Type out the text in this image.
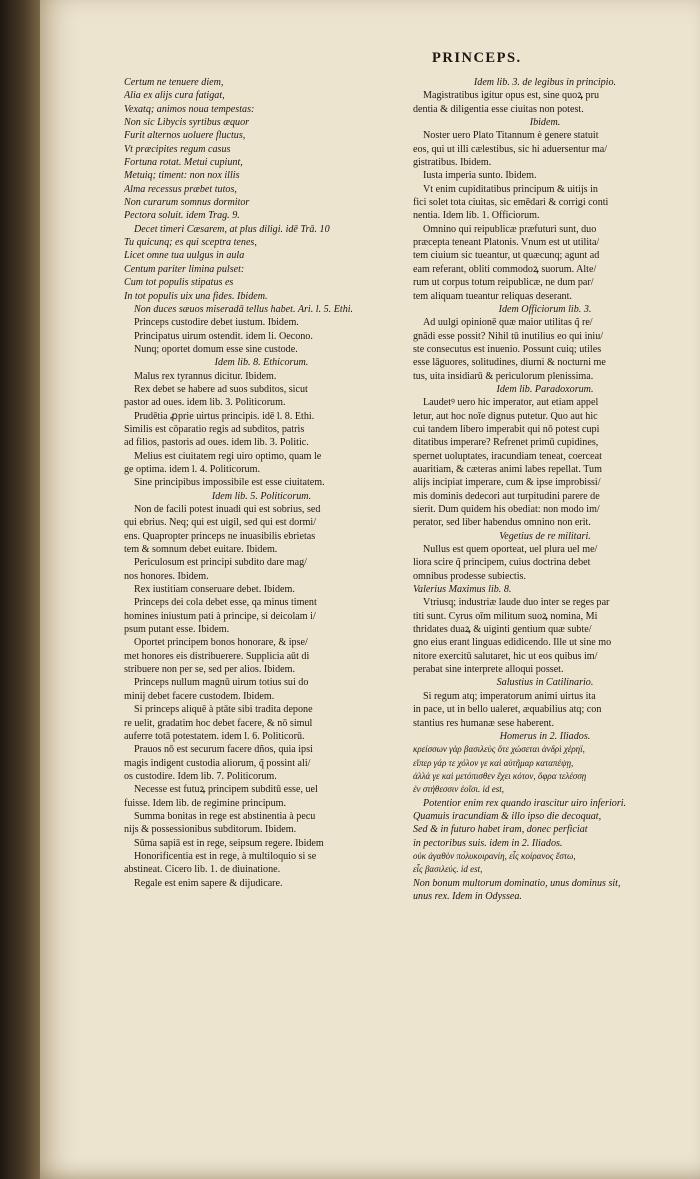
PRINCEPS.
Certum ne tenuere diem,
Alia ex alijs cura fatigat,
Vexatq; animos noua tempestas:
Non sic Libycis syrtibus æquor
Furit alternos uoluere fluctus,
Vt præcipites regum casus
Fortuna rotat. Metui cupiunt,
Metuiq; timent: non nox illis
Alma recessus præbet tutos,
Non curarum somnus dormitor
Pectora soluit. idem Trag. 9.
Decet timeri Cæsarem, at plus diligi. idē Trā. 10
Tu quicunq; es qui sceptra tenes,
Licet omne tua uulgus in aula
Centum pariter limina pulset:
Cum tot populis stipatus es
In tot populis uix una fides. Ibidem.
Non duces sæuos miseradā tellus habet. Ari. l. 5. Ethi.
Princeps custodire debet iustum. Ibidem.
Principatus uirum ostendit. idem li. Oecono.
Nunq; oportet domum esse sine custode.
Idem lib. 8. Ethicorum.
Malus rex tyrannus dicitur. Ibidem.
Rex debet se habere ad suos subditos, sicut
pastor ad oues. idem lib. 3. Politicorum.
Prudētia ꝓprie uirtus principis. idē l. 8. Ethi.
Similis est cōparatio regis ad subditos, patris
ad filios, pastoris ad oues. idem lib. 3. Politic.
Melius est ciuitatem regi uiro optimo, quam le
ge optima. idem l. 4. Politicorum.
Sine principibus impossibile est esse ciuitatem.
Idem lib. 5. Politicorum.
Non de facili potest inuadi qui est sobrius, sed
qui ebrius. Neq; qui est uigil, sed qui est dormi/
ens. Quapropter princeps ne inuasibilis ebrietas
tem & somnum debet euitare. Ibidem.
Periculosum est principi subdito dare mag/
nos honores. Ibidem.
Rex iustitiam conseruare debet. Ibidem.
Princeps dei cola debet esse, qa minus timent
homines iniustum pati à principe, si deicolam i/
psum putant esse. Ibidem.
Oportet principem bonos honorare, & ipse/
met honores eis distribuerere. Supplicia aūt di
stribuere non per se, sed per alios. Ibidem.
Princeps nullum magnū uirum totius sui do
minij debet facere custodem. Ibidem.
Si princeps aliquē à ptāte sibi tradita depone
re uelit, gradatim hoc debet facere, & nō simul
auferre totā potestatem. idem l. 6. Politicorū.
Prauos nō est securum facere dños, quia ipsi
magis indigent custodia aliorum, q̃ possint ali/
os custodire. Idem lib. 7. Politicorum.
Necesse est futuꝝ principem subditū esse, uel
fuisse. Idem lib. de regimine principum.
Summa bonitas in rege est abstinentia à pecu
nijs & possessionibus subditorum. Ibidem.
Sūma sapiā est in rege, seipsum regere. Ibidem
Honorificentia est in rege, à multiloquio si se
abstineat. Cicero lib. 1. de diuinatione.
Regale est enim sapere & dijudicare.
Idem lib. 3. de legibus in principio.
Magistratibus igitur opus est, sine quoꝝ pru
dentia & diligentia esse ciuitas non potest.
Ibidem.
Noster uero Plato Titannum è genere statuit
eos, qui ut illi cælestibus, sic hi aduersentur ma/
gistratibus. Ibidem.
Iusta imperia sunto. Ibidem.
Vt enim cupiditatibus principum & uitijs in
fici solet tota ciuitas, sic emēdari & corrigi conti
nentia. Idem lib. 1. Officiorum.
Omnino qui reipublicæ præfuturi sunt, duo
præcepta teneant Platonis. Vnum est ut utilita/
tem ciuium sic tueantur, ut quæcunq; agunt ad
eam referant, obliti commodoꝝ suorum. Alte/
rum ut corpus totum reipublicæ, ne dum par/
tem aliquam tueantur reliquas deserant.
Idem Officiorum lib. 3.
Ad uulgi opinionē quæ maior utilitas q̃ re/
gnādi esse possit? Nihil tū inutilius eo qui iniu/
ste consecutus est inuenio. Possunt cuiq; utiles
esse lāguores, solitudines, diurni & nocturni me
tus, uita insidiarū & periculorum plenissima.
Idem lib. Paradoxorum.
Laudetꝰ uero hic imperator, aut etiam appel
letur, aut hoc noīe dignus putetur. Quo aut hic
cui tandem libero imperabit qui nō potest cupi
ditatibus imperare? Refrenet primū cupidines,
spernet uoluptates, iracundiam teneat, coerceat
auaritiam, & cæteras animi labes repellat. Tum
alijs incipiat imperare, cum & ipse improbissi/
mis dominis dedecori aut turpitudini parere de
sierit. Dum quidem his obediat: non modo im/
perator, sed liber habendus omnino non erit.
Vegetius de re militari.
Nullus est quem oporteat, uel plura uel me/
liora scire q̃ principem, cuius doctrina debet
omnibus prodesse subiectis.
Valerius Maximus lib. 8.
Vtriusq; industriæ laude duo inter se reges par
titi sunt. Cyrus oīm militum suoꝝ nomina, Mi
thridates duaꝝ & uiginti gentium quæ subte/
gno eius erant linguas edidicendo. Ille ut sine mo
nitore exercitū salutaret, hic ut eos quibus im/
perabat sine interprete alloqui posset.
Salustius in Catilinario.
Si regum atq; imperatorum animi uirtus ita
in pace, ut in bello ualeret, æquabilius atq; con
stantius res humanæ sese haberent.
Homerus in 2. Iliados.
κρείσσων γὰρ βασιλεὺς ὅτε χώσεται ἀνδρὶ χέρηϊ,
εἴπερ γάρ τε χόλον γε καὶ αὐτῆμαρ καταπέψῃ,
ἀλλά γε καὶ μετόπισθεν ἔχει κότον, ὄφρα τελέσσῃ
ἐν στήθεσσιν ἑοῖσι. id est,
Potentior enim rex quando irascitur uiro inferiori.
Quamuis iracundiam & illo ipso die decoquat,
Sed & in futuro habet iram, donec perficiat
in pectoribus suis. idem in 2. Iliados.
οὐκ ἀγαθὸν πολυκοιρανίη, εἷς κοίρανος ἔστω,
εἷς βασιλεύς. id est,
Non bonum multorum dominatio, unus dominus sit,
unus rex. Idem in Odyssea.
